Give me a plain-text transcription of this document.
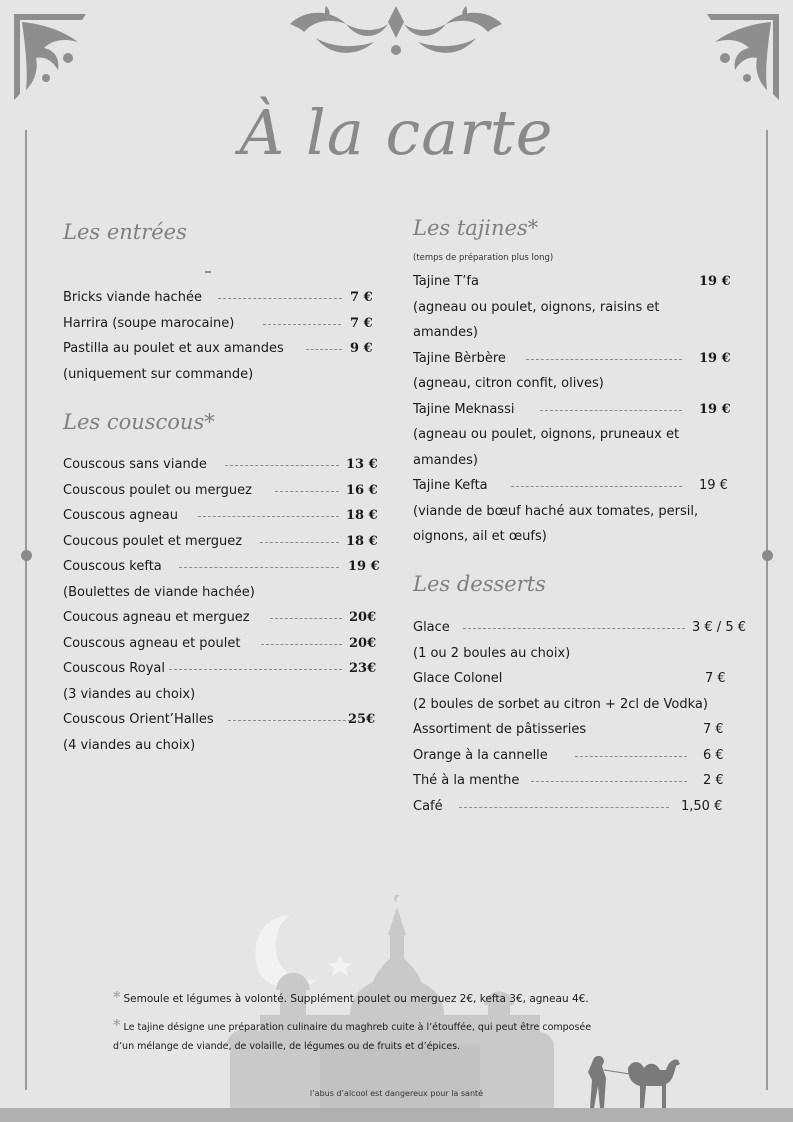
À la carte
Les entrées
Bricks viande hachée	7 €
Harrira (soupe marocaine)	7 €
Pastilla au poulet et aux amandes	9 €
(uniquement sur commande)
Les couscous*
Couscous sans viande	13 €
Couscous poulet ou merguez	16 €
Couscous agneau	18 €
Coucous poulet et merguez	18 €
Couscous kefta	19 €
(Boulettes de viande hachée)
Coucous agneau et merguez	20€
Couscous agneau et poulet	20€
Couscous Royal	23€
(3 viandes au choix)
Couscous Orient’Halles	25€
(4 viandes au choix)
Les tajines*
(temps de préparation plus long)
Tajine T’fa	19 €
(agneau ou poulet, oignons, raisins et
amandes)
Tajine Bèrbère	19 €
(agneau, citron confit, olives)
Tajine Meknassi	19 €
(agneau ou poulet, oignons, pruneaux et
amandes)
Tajine Kefta	19 €
(viande de bœuf haché aux tomates, persil,
oignons, ail et œufs)
Les desserts
Glace	3 € / 5 €
(1 ou 2 boules au choix)
Glace Colonel	7 €
(2 boules de sorbet au citron + 2cl de Vodka)
Assortiment de pâtisseries	7 €
Orange à la cannelle	6 €
Thé à la menthe	2 €
Café	1,50 €
* Semoule et légumes à volonté. Supplément poulet ou merguez 2€, kefta 3€, agneau 4€.
* Le tajine désigne une préparation culinaire du maghreb cuite à l’étouffée, qui peut être composée
d’un mélange de viande, de volaille, de légumes ou de fruits et d’épices.
l’abus d’alcool est dangereux pour la santé
